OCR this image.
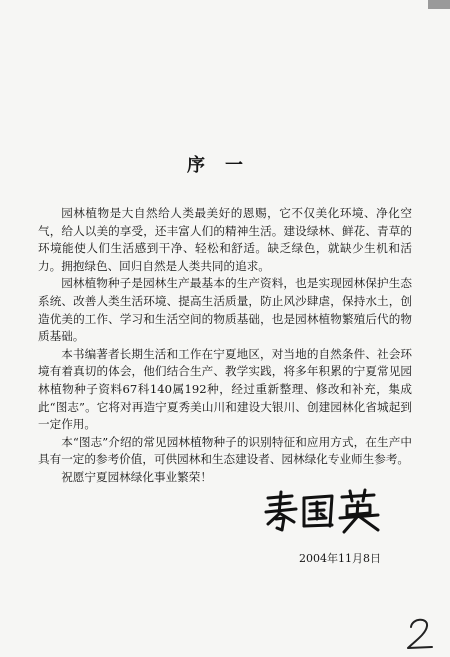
序一

园林植物是大自然给人类最美好的恩赐，它不仅美化环境、净化空气，给人以美的享受，还丰富人们的精神生活。建设绿林、鲜花、青草的环境能使人们生活感到干净、轻松和舒适。缺乏绿色，就缺少生机和活力。拥抱绿色、回归自然是人类共同的追求。

园林植物种子是园林生产最基本的生产资料，也是实现园林保护生态系统、改善人类生活环境、提高生活质量，防止风沙肆虐，保持水土，创造优美的工作、学习和生活空间的物质基础，也是园林植物繁殖后代的物质基础。

本书编著者长期生活和工作在宁夏地区，对当地的自然条件、社会环境有着真切的体会，他们结合生产、教学实践，将多年积累的宁夏常见园林植物种子资料67科140属192种，经过重新整理、修改和补充，集成此“图志”。它将对再造宁夏秀美山川和建设大银川、创建园林化省城起到一定作用。

本“图志”介绍的常见园林植物种子的识别特征和应用方式，在生产中具有一定的参考价值，可供园林和生态建设者、园林绿化专业师生参考。

祝愿宁夏园林绿化事业繁荣！

2004年11月8日
